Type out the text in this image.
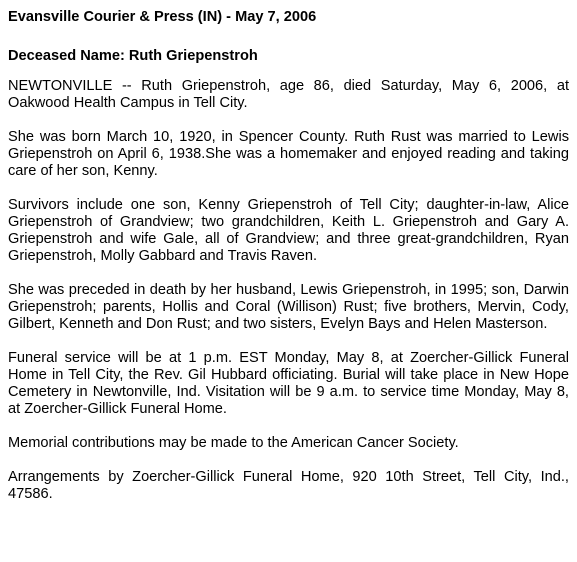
Evansville Courier & Press (IN) - May 7, 2006
Deceased Name: Ruth Griepenstroh

NEWTONVILLE -- Ruth Griepenstroh, age 86, died Saturday, May 6, 2006, at Oakwood Health Campus in Tell City.

She was born March 10, 1920, in Spencer County. Ruth Rust was married to Lewis Griepenstroh on April 6, 1938.She was a homemaker and enjoyed reading and taking care of her son, Kenny.

Survivors include one son, Kenny Griepenstroh of Tell City; daughter-in-law, Alice Griepenstroh of Grandview; two grandchildren, Keith L. Griepenstroh and Gary A. Griepenstroh and wife Gale, all of Grandview; and three great-grandchildren, Ryan Griepenstroh, Molly Gabbard and Travis Raven.

She was preceded in death by her husband, Lewis Griepenstroh, in 1995; son, Darwin Griepenstroh; parents, Hollis and Coral (Willison) Rust; five brothers, Mervin, Cody, Gilbert, Kenneth and Don Rust; and two sisters, Evelyn Bays and Helen Masterson.

Funeral service will be at 1 p.m. EST Monday, May 8, at Zoercher-Gillick Funeral Home in Tell City, the Rev. Gil Hubbard officiating. Burial will take place in New Hope Cemetery in Newtonville, Ind. Visitation will be 9 a.m. to service time Monday, May 8, at Zoercher-Gillick Funeral Home.

Memorial contributions may be made to the American Cancer Society.

Arrangements by Zoercher-Gillick Funeral Home, 920 10th Street, Tell City, Ind., 47586.
